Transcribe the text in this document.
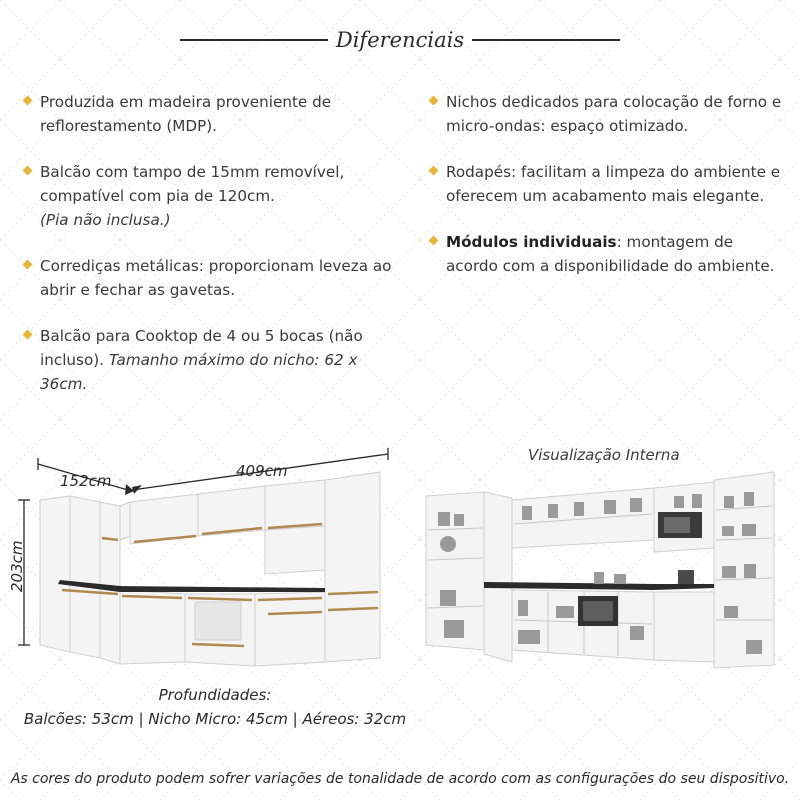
Diferenciais
Produzida em madeira proveniente de reflorestamento (MDP).
Balcão com tampo de 15mm removível, compatível com pia de 120cm.
(Pia não inclusa.)
Corrediças metálicas: proporcionam leveza ao abrir e fechar as gavetas.
Balcão para Cooktop de 4 ou 5 bocas (não incluso). Tamanho máximo do nicho: 62 x 36cm.
Nichos dedicados para colocação de forno e micro-ondas: espaço otimizado.
Rodapés: facilitam a limpeza do ambiente e oferecem um acabamento mais elegante.
Módulos individuais: montagem de acordo com a disponibilidade do ambiente.
152cm
409cm
203cm
Visualização Interna
Profundidades:
Balcões: 53cm | Nicho Micro: 45cm | Aéreos: 32cm
As cores do produto podem sofrer variações de tonalidade de acordo com as configurações do seu dispositivo.
